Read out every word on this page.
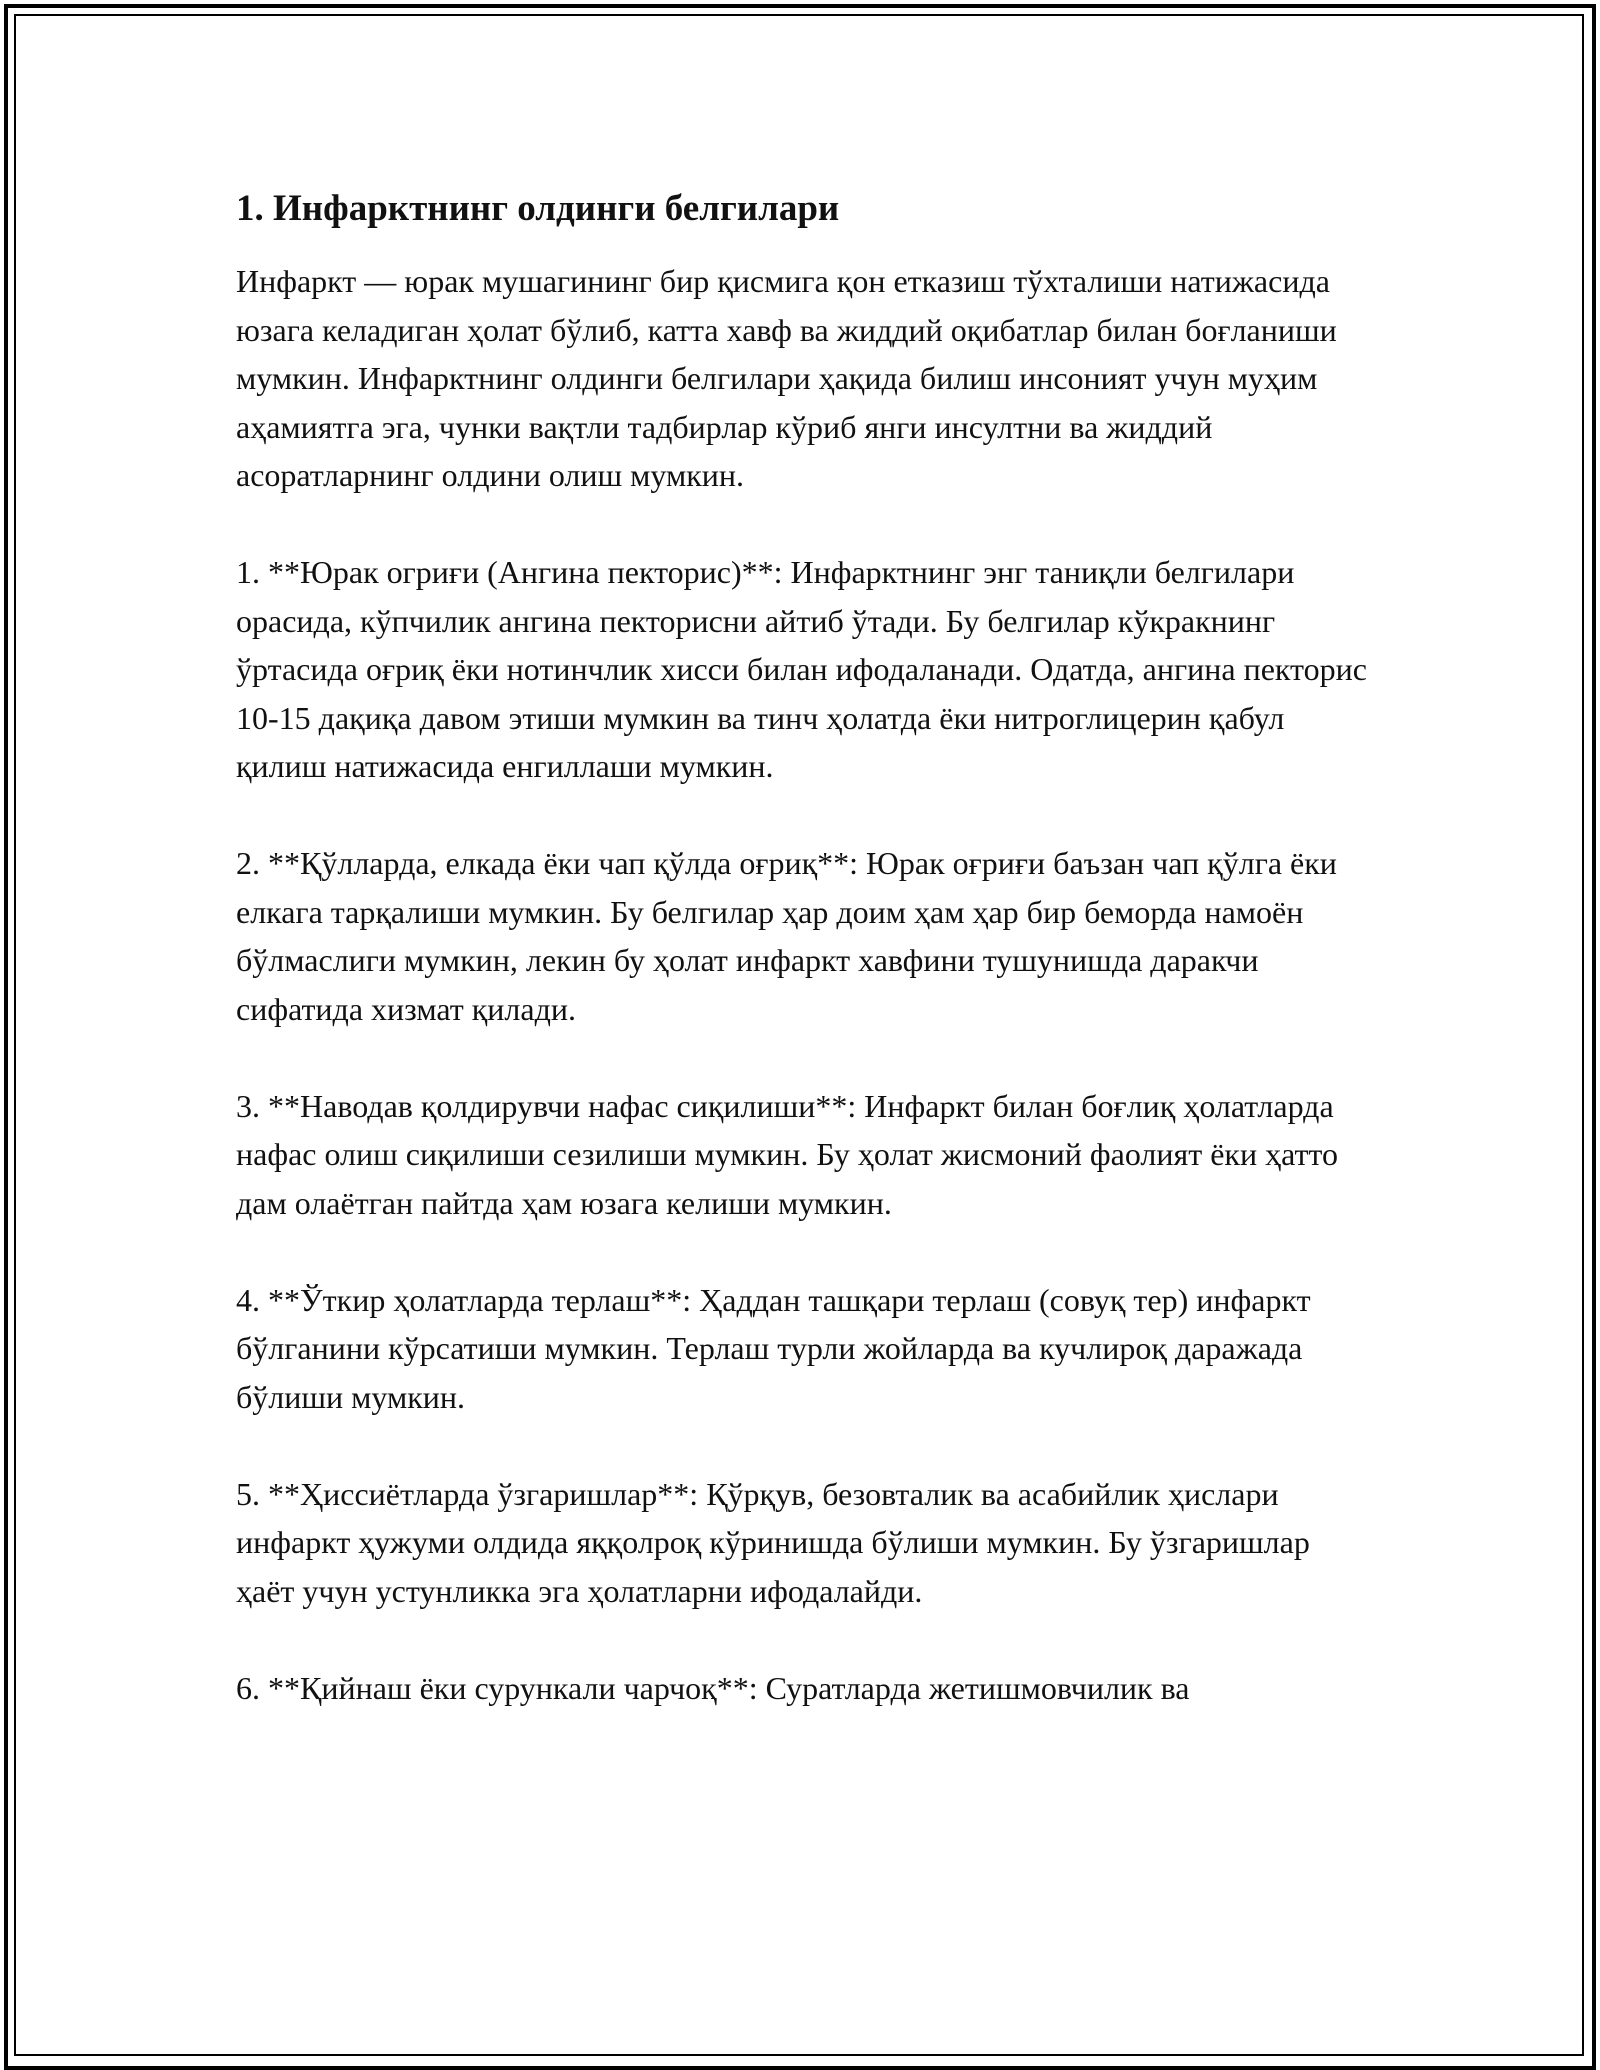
1. Инфарктнинг олдинги белгилари

Инфаркт — юрак мушагининг бир қисмига қон етказиш тўхталиши натижасида юзага келадиган ҳолат бўлиб, катта хавф ва жиддий оқибатлар билан боғланиши мумкин. Инфарктнинг олдинги белгилари ҳақида билиш инсоният учун муҳим аҳамиятга эга, чунки вақтли тадбирлар кўриб янги инсултни ва жиддий асоратларнинг олдини олиш мумкин.

1. **Юрак огриғи (Ангина пекторис)**: Инфарктнинг энг таниқли белгилари орасида, кўпчилик ангина пекторисни айтиб ўтади. Бу белгилар кўкракнинг ўртасида оғриқ ёки нотинчлик хисси билан ифодаланади. Одатда, ангина пекторис 10-15 дақиқа давом этиши мумкин ва тинч ҳолатда ёки нитроглицерин қабул қилиш натижасида енгиллаши мумкин.

2. **Қўлларда, елкада ёки чап қўлда оғриқ**: Юрак оғриғи баъзан чап қўлга ёки елкага тарқалиши мумкин. Бу белгилар ҳар доим ҳам ҳар бир беморда намоён бўлмаслиги мумкин, лекин бу ҳолат инфаркт хавфини тушунишда даракчи сифатида хизмат қилади.

3. **Наводав қолдирувчи нафас сиқилиши**: Инфаркт билан боғлиқ ҳолатларда нафас олиш сиқилиши сезилиши мумкин. Бу ҳолат жисмоний фаолият ёки ҳатто дам олаётган пайтда ҳам юзага келиши мумкин.

4. **Ўткир ҳолатларда терлаш**: Ҳаддан ташқари терлаш (совуқ тер) инфаркт бўлганини кўрсатиши мумкин. Терлаш турли жойларда ва кучлироқ даражада бўлиши мумкин.

5. **Ҳиссиётларда ўзгаришлар**: Қўрқув, безовталик ва асабийлик ҳислари инфаркт ҳужуми олдида яққолроқ кўринишда бўлиши мумкин. Бу ўзгаришлар ҳаёт учун устунликка эга ҳолатларни ифодалайди.

6. **Қийнаш ёки сурункали чарчоқ**: Суратларда жетишмовчилик ва
